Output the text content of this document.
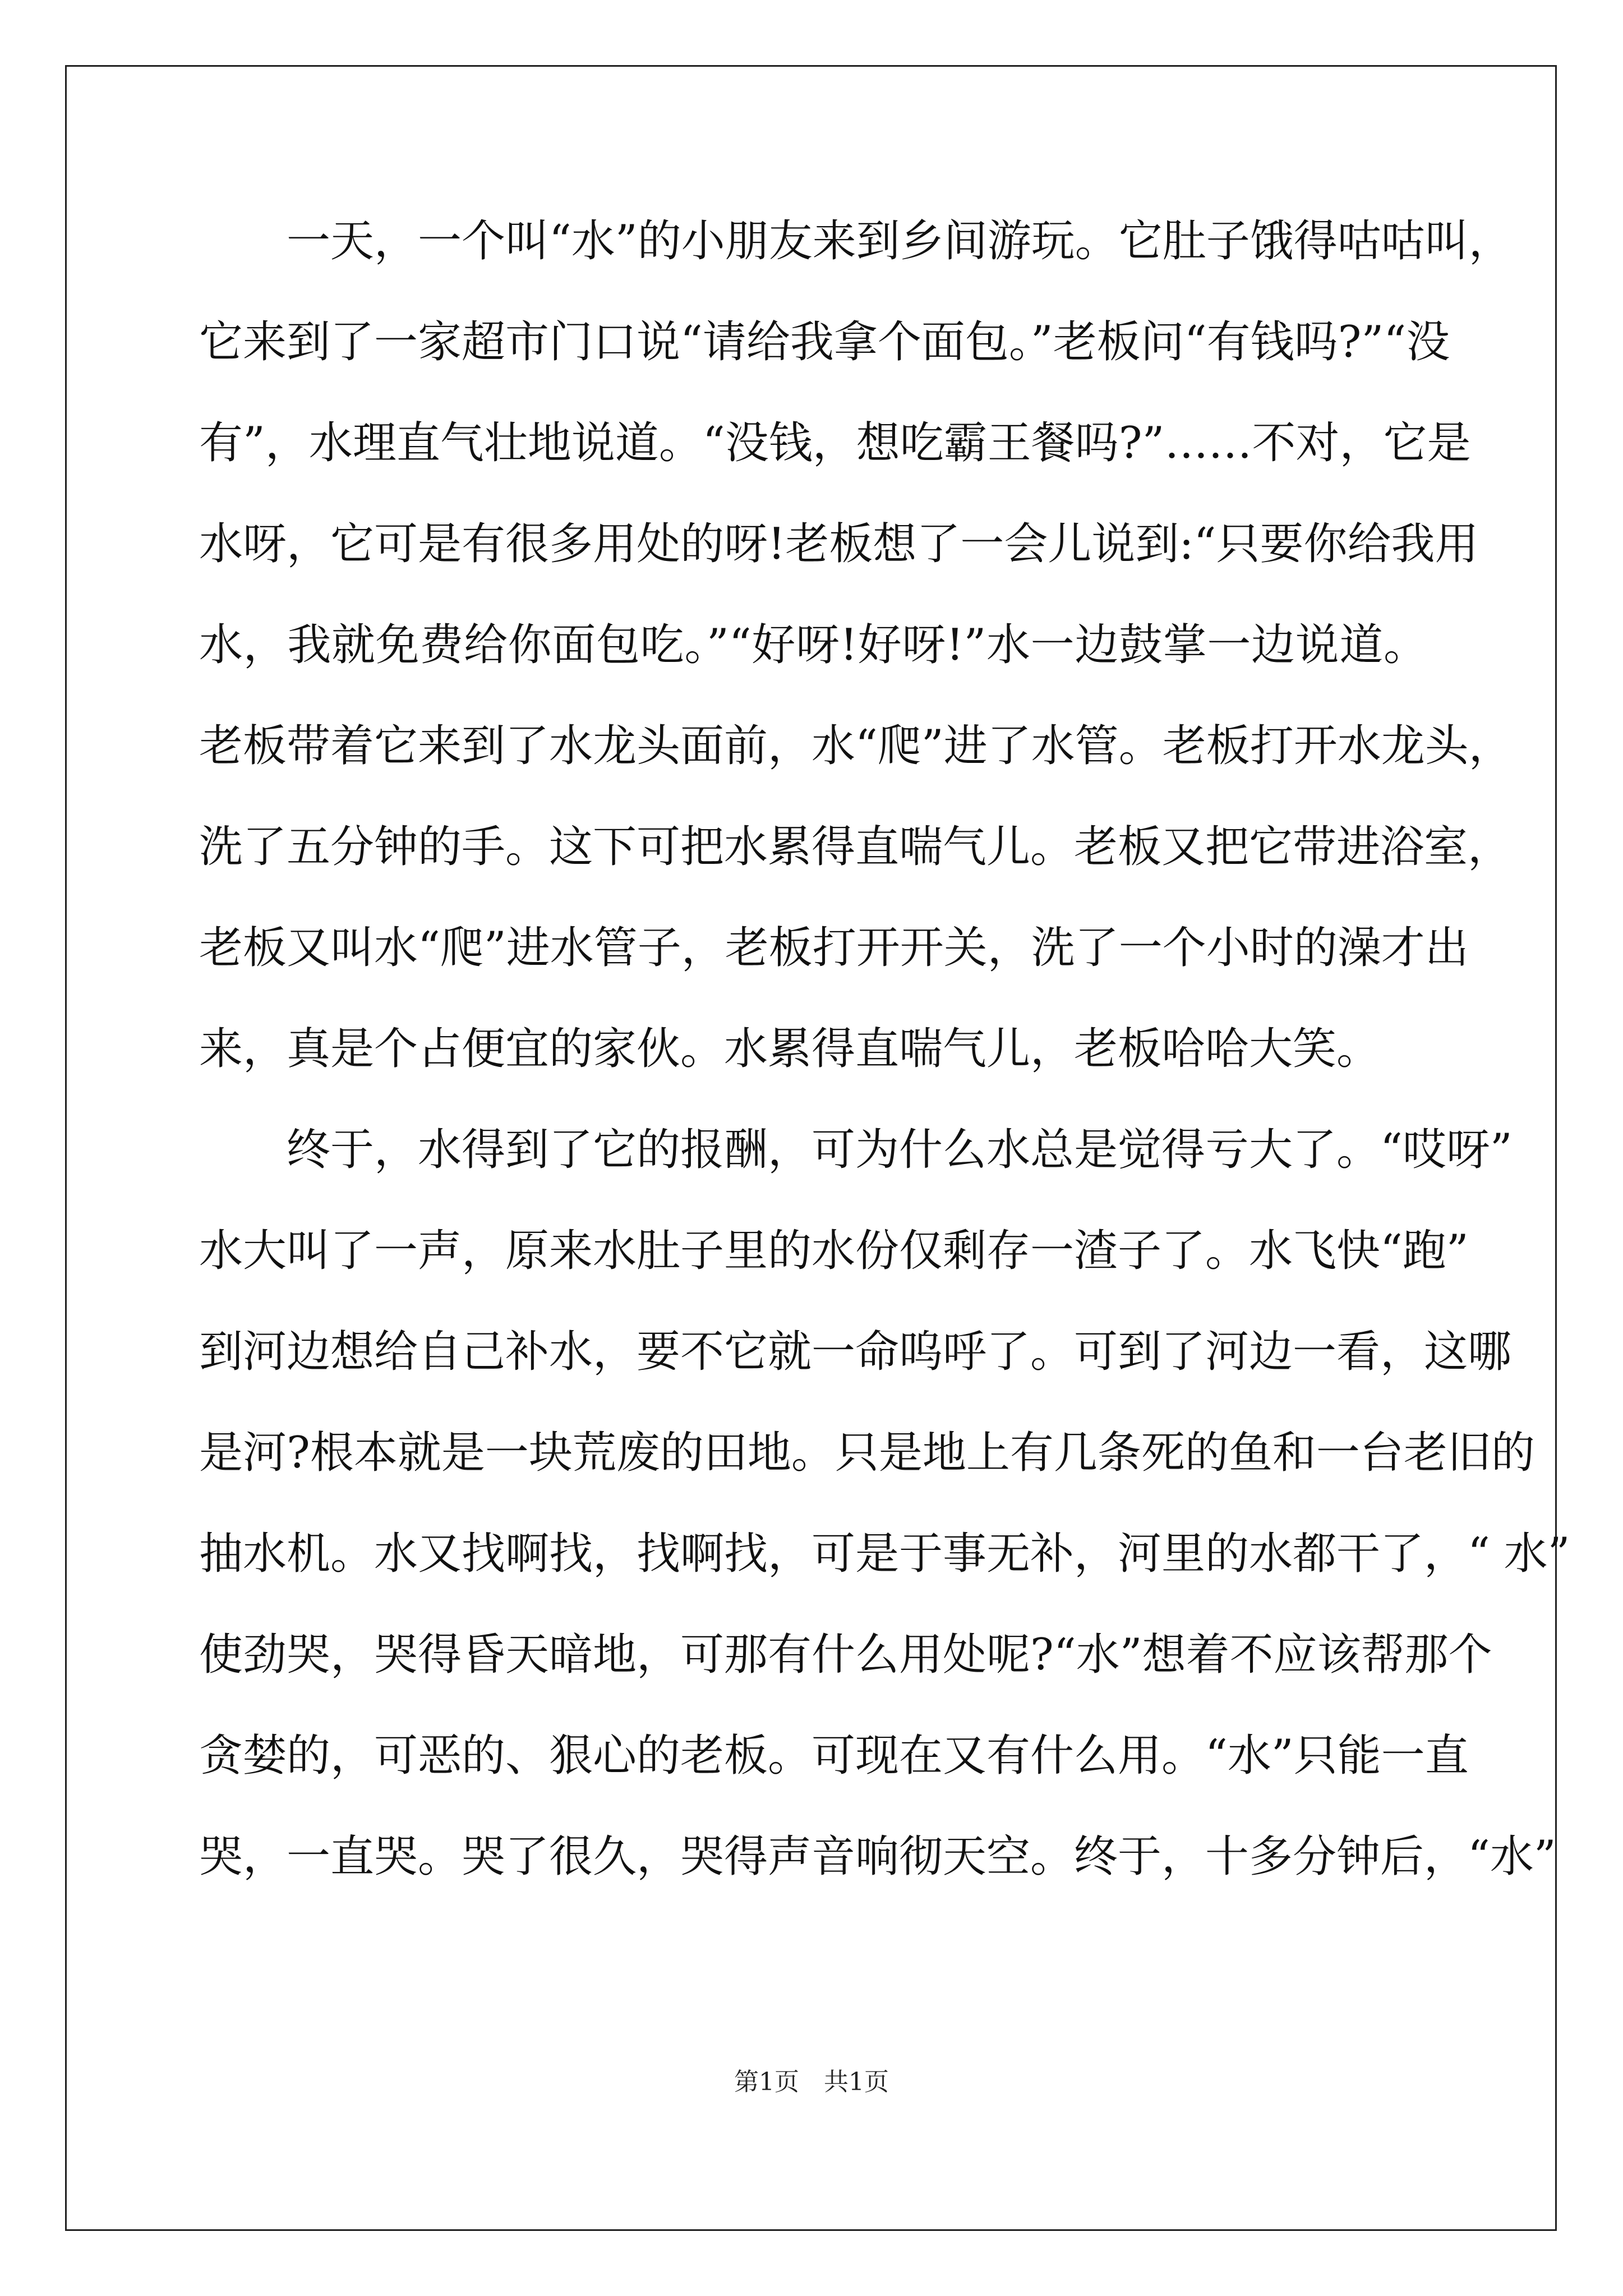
一天，一个叫“水”的小朋友来到乡间游玩。它肚子饿得咕咕叫，
它来到了一家超市门口说“请给我拿个面包。”老板问“有钱吗?”“没
有”，水理直气壮地说道。“没钱，想吃霸王餐吗?”……不对，它是
水呀，它可是有很多用处的呀!老板想了一会儿说到:“只要你给我用
水，我就免费给你面包吃。”“好呀!好呀!”水一边鼓掌一边说道。
老板带着它来到了水龙头面前，水“爬”进了水管。老板打开水龙头，
洗了五分钟的手。这下可把水累得直喘气儿。老板又把它带进浴室，
老板又叫水“爬”进水管子，老板打开开关，洗了一个小时的澡才出
来，真是个占便宜的家伙。水累得直喘气儿，老板哈哈大笑。
终于，水得到了它的报酬，可为什么水总是觉得亏大了。“哎呀”
水大叫了一声，原来水肚子里的水份仅剩存一渣子了。水飞快“跑”
到河边想给自己补水，要不它就一命呜呼了。可到了河边一看，这哪
是河?根本就是一块荒废的田地。只是地上有几条死的鱼和一台老旧的
抽水机。水又找啊找，找啊找，可是于事无补，河里的水都干了，“ 水”
使劲哭，哭得昏天暗地，可那有什么用处呢?“水”想着不应该帮那个
贪婪的，可恶的、狠心的老板。可现在又有什么用。“水”只能一直
哭，一直哭。哭了很久，哭得声音响彻天空。终于，十多分钟后，“水”
第1页　共1页
